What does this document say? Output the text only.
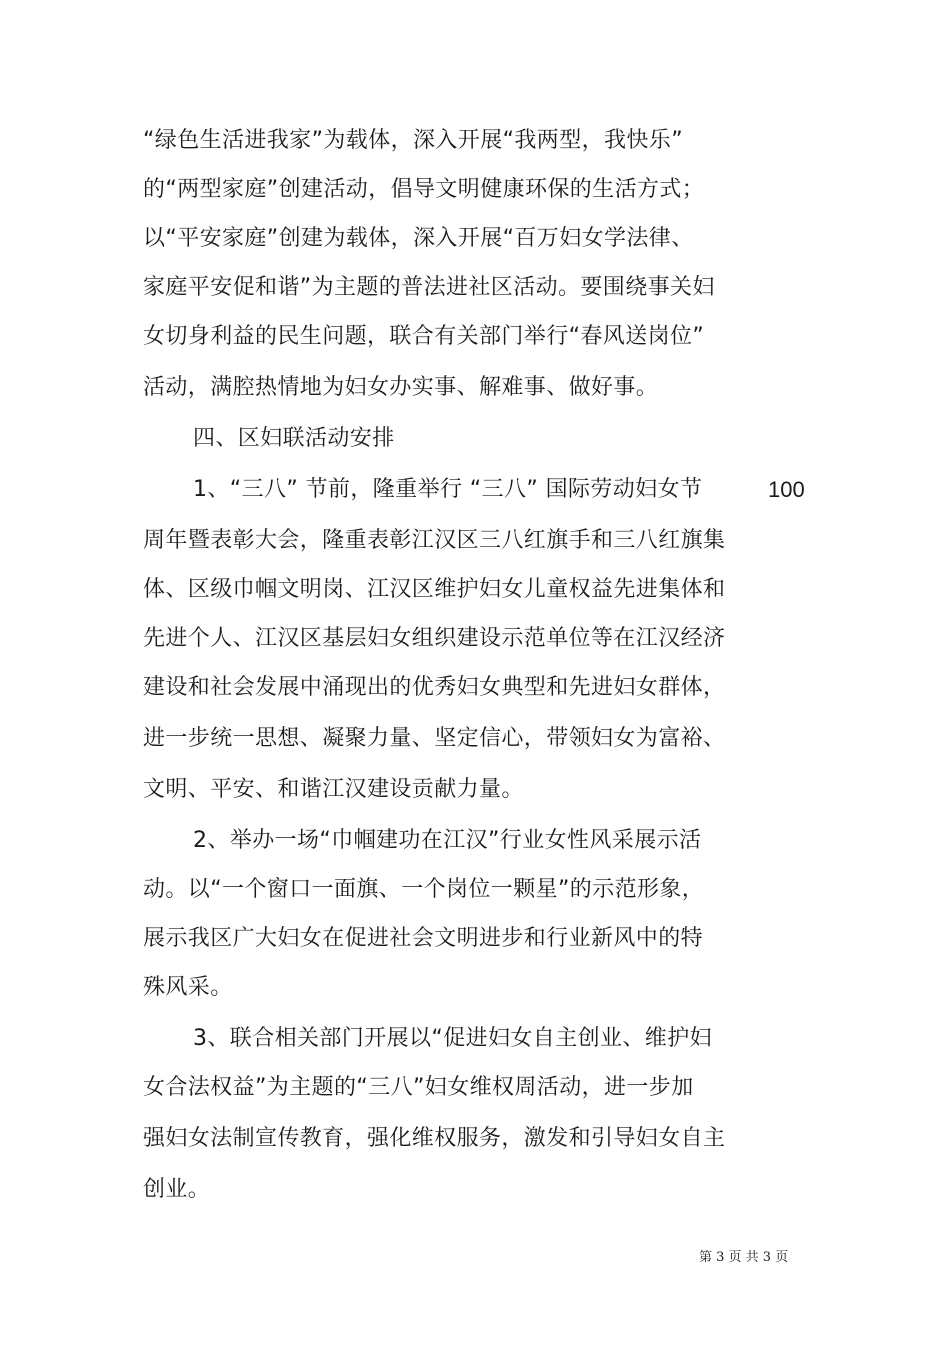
“绿色生活进我家”为载体，深入开展“我两型，我快乐”
的“两型家庭”创建活动，倡导文明健康环保的生活方式；
以“平安家庭”创建为载体，深入开展“百万妇女学法律、
家庭平安促和谐”为主题的普法进社区活动。要围绕事关妇
女切身利益的民生问题，联合有关部门举行“春风送岗位”
活动，满腔热情地为妇女办实事、解难事、做好事。
四、区妇联活动安排
1、“三八” 节前，隆重举行 “三八” 国际劳动妇女节	100
周年暨表彰大会，隆重表彰江汉区三八红旗手和三八红旗集
体、区级巾帼文明岗、江汉区维护妇女儿童权益先进集体和
先进个人、江汉区基层妇女组织建设示范单位等在江汉经济
建设和社会发展中涌现出的优秀妇女典型和先进妇女群体，
进一步统一思想、凝聚力量、坚定信心，带领妇女为富裕、
文明、平安、和谐江汉建设贡献力量。
2、举办一场“巾帼建功在江汉”行业女性风采展示活
动。以“一个窗口一面旗、一个岗位一颗星”的示范形象，
展示我区广大妇女在促进社会文明进步和行业新风中的特
殊风采。
3、联合相关部门开展以“促进妇女自主创业、维护妇
女合法权益”为主题的“三八”妇女维权周活动，进一步加
强妇女法制宣传教育，强化维权服务，激发和引导妇女自主
创业。
第 3 页 共 3 页
